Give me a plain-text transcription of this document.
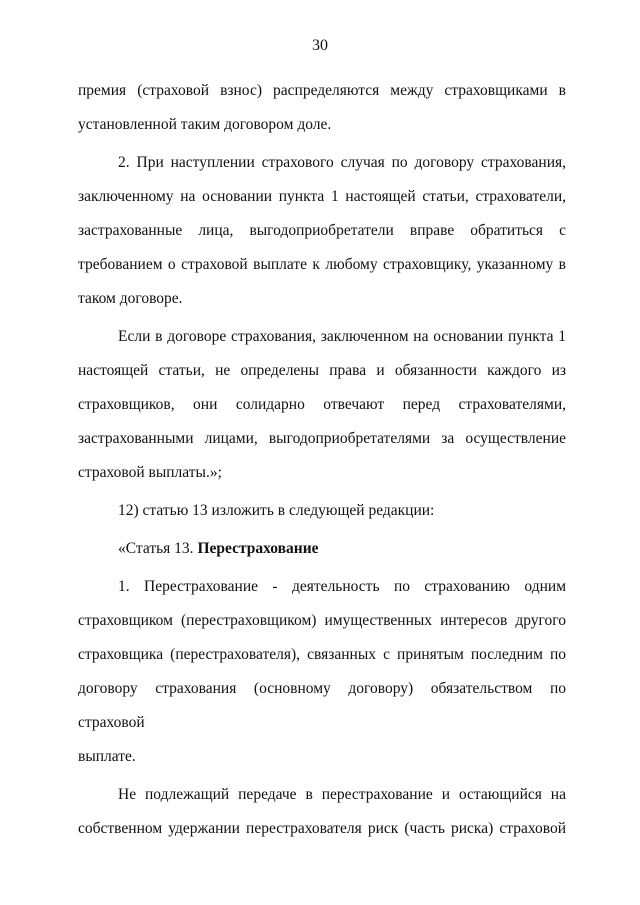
30
премия (страховой взнос) распределяются между страховщиками в
установленной таким договором доле.
2. При наступлении страхового случая по договору страхования,
заключенному на основании пункта 1 настоящей статьи, страхователи,
застрахованные лица, выгодоприобретатели вправе обратиться с
требованием о страховой выплате к любому страховщику, указанному в
таком договоре.
Если в договоре страхования, заключенном на основании пункта 1
настоящей статьи, не определены права и обязанности каждого из
страховщиков, они солидарно отвечают перед страхователями,
застрахованными лицами, выгодоприобретателями за осуществление
страховой выплаты.»;
12) статью 13 изложить в следующей редакции:
«Статья 13. Перестрахование
1. Перестрахование - деятельность по страхованию одним
страховщиком (перестраховщиком) имущественных интересов другого
страховщика (перестрахователя), связанных с принятым последним по
договору страхования (основному договору) обязательством по страховой
выплате.
Не подлежащий передаче в перестрахование и остающийся на
собственном удержании перестрахователя риск (часть риска) страховой
